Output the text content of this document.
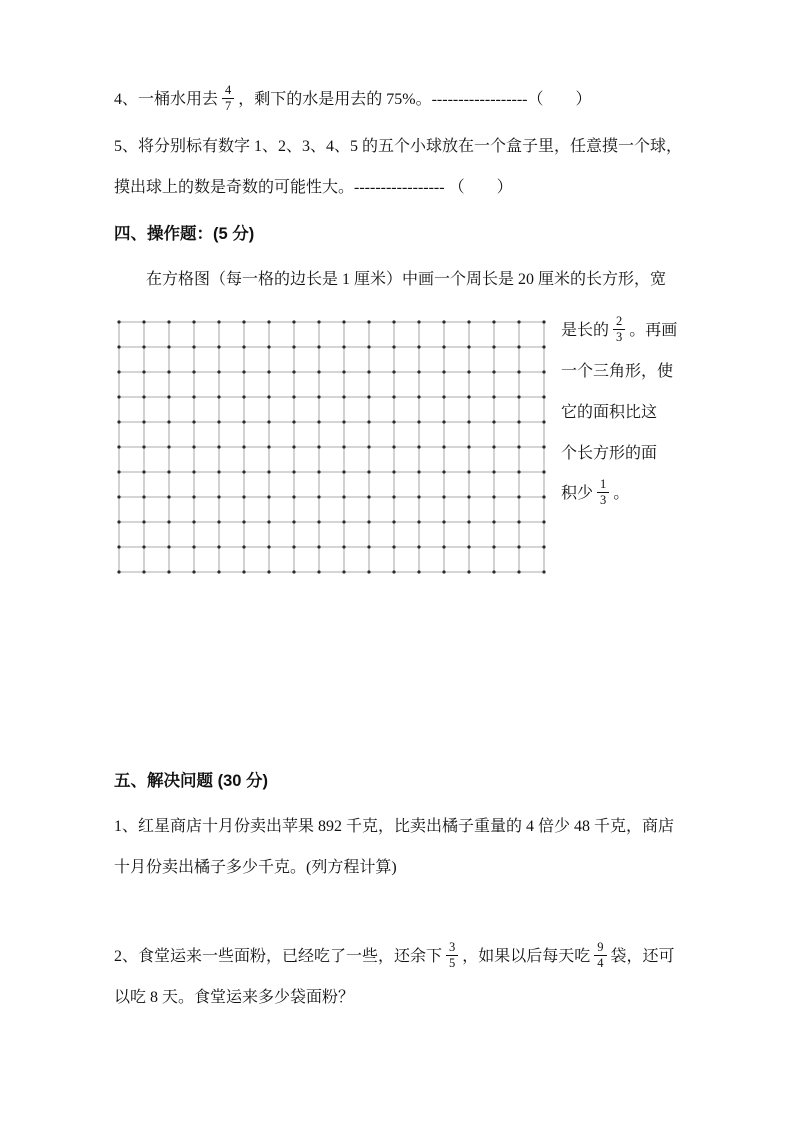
4、一桶水用去 $\frac{4}{7}$ ，剩下的水是用去的 75%。------------------（　　）

5、将分别标有数字 1、2、3、4、5 的五个小球放在一个盒子里，任意摸一个球，摸出球上的数是奇数的可能性大。----------------- （　　）

四、操作题：(5 分)

在方格图（每一格的边长是 1 厘米）中画一个周长是 20 厘米的长方形，宽

是长的 $\frac{2}{3}$ 。再画

一个三角形，使

它的面积比这

个长方形的面

积少 $\frac{1}{3}$ 。

五、解决问题 (30 分)

1、红星商店十月份卖出苹果 892 千克，比卖出橘子重量的 4 倍少 48 千克，商店十月份卖出橘子多少千克。(列方程计算)

2、食堂运来一些面粉，已经吃了一些，还余下 $\frac{3}{5}$ ，如果以后每天吃 $\frac{9}{4}$ 袋，还可以吃 8 天。食堂运来多少袋面粉？
